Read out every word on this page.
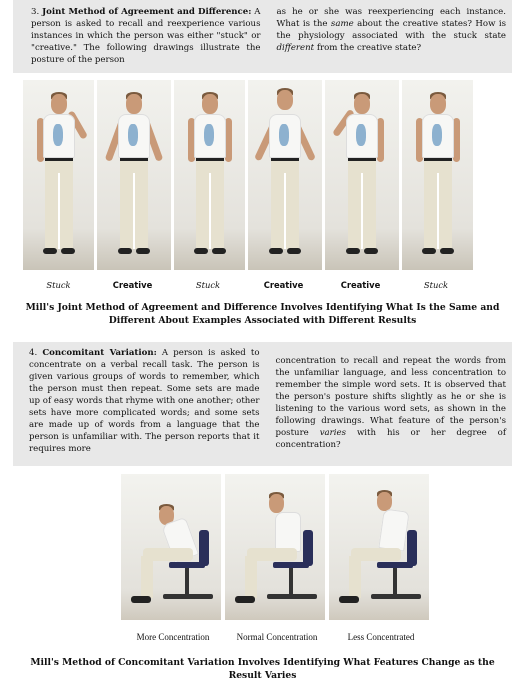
3. Joint Method of Agreement and Difference: A person is asked to recall and reexperience various instances in which the person was either "stuck" or "creative." The following drawings illustrate the posture of the person

as he or she was reexperiencing each instance. What is the same about the creative states? How is the physiology associated with the stuck state different from the creative state?

Stuck	Creative	Stuck	Creative	Creative	Stuck
Mill's Joint Method of Agreement and Difference Involves Identifying What Is the Same and Different About Examples Associated with Different Results

4. Concomitant Variation: A person is asked to concentrate on a verbal recall task. The person is given various groups of words to remember, which the person must then repeat. Some sets are made up of easy words that rhyme with one another; other sets have more complicated words; and some sets are made up of words from a language that the person is unfamiliar with. The person reports that it requires more

concentration to recall and repeat the words from the unfamiliar language, and less concentration to remember the simple word sets. It is observed that the person's posture shifts slightly as he or she is listening to the various word sets, as shown in the following drawings. What feature of the person's posture varies with his or her degree of concentration?

More Concentration	Normal Concentration	Less Concentrated
Mill's Method of Concomitant Variation Involves Identifying What Features Change as the Result Varies
